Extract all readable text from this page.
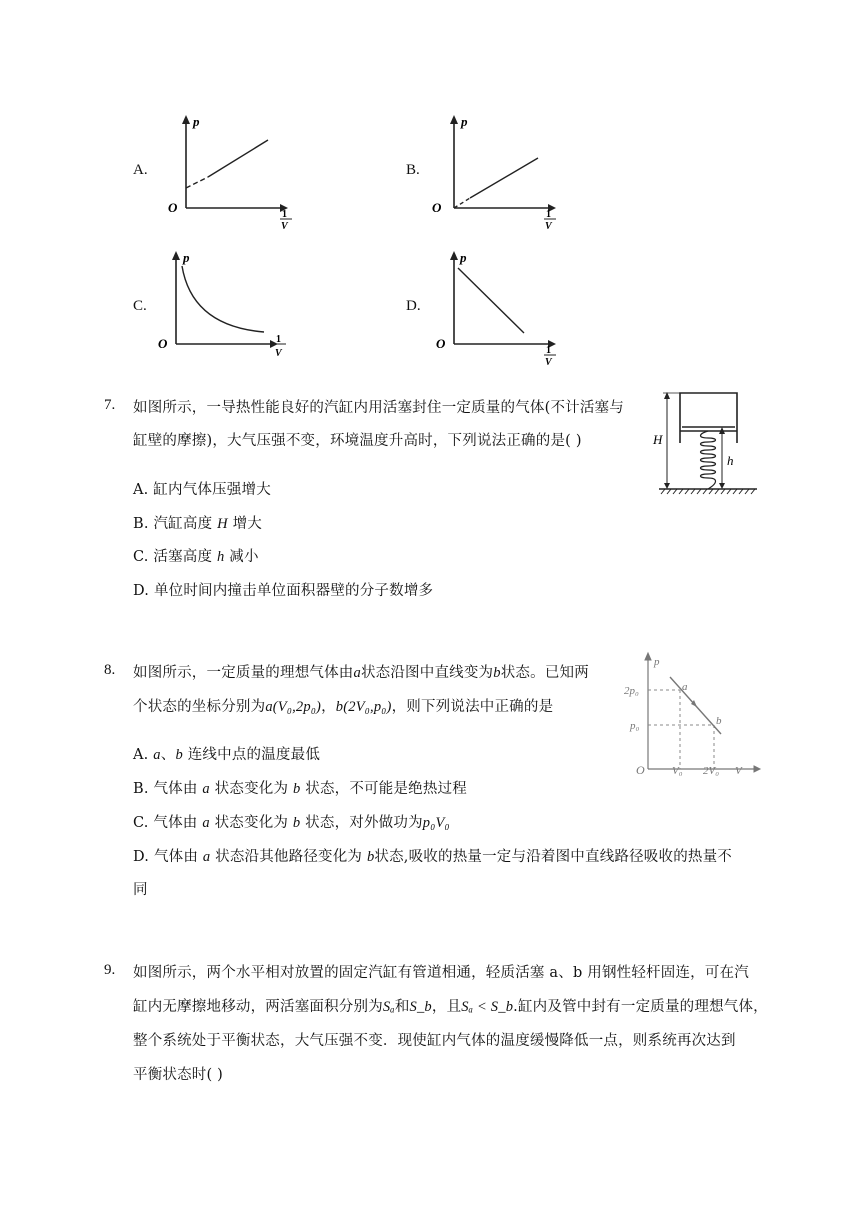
A.	B.
C.	D.
p
O	1
V
p
O	1
V
p
O	1
V
p
O	1
V
7. 如图所示，一导热性能良好的汽缸内用活塞封住一定质量的气体(不计活塞与
缸壁的摩擦)，大气压强不变，环境温度升高时，下列说法正确的是( )
A. 缸内气体压强增大
B. 汽缸高度 H 增大
C. 活塞高度 h 减小
D. 单位时间内撞击单位面积器壁的分子数增多
H
h
8. 如图所示，一定质量的理想气体由a状态沿图中直线变为b状态。已知两
个状态的坐标分别为a(V₀,2p₀)，b(2V₀,p₀)，则下列说法中正确的是
A. a、b 连线中点的温度最低
B. 气体由 a 状态变化为 b 状态，不可能是绝热过程
C. 气体由 a 状态变化为 b 状态，对外做功为p₀V₀
D. 气体由 a 状态沿其他路径变化为 b状态,吸收的热量一定与沿着图中直线路径吸收的热量不
同
p
2p₀
p₀
a
b
O V₀ 2V₀ V
9. 如图所示，两个水平相对放置的固定汽缸有管道相通，轻质活塞 a、b 用钢性轻杆固连，可在汽
缸内无摩擦地移动，两活塞面积分别为Sₐ和S_b，且Sₐ < S_b.缸内及管中封有一定质量的理想气体，
整个系统处于平衡状态，大气压强不变．现使缸内气体的温度缓慢降低一点，则系统再次达到
平衡状态时( )
